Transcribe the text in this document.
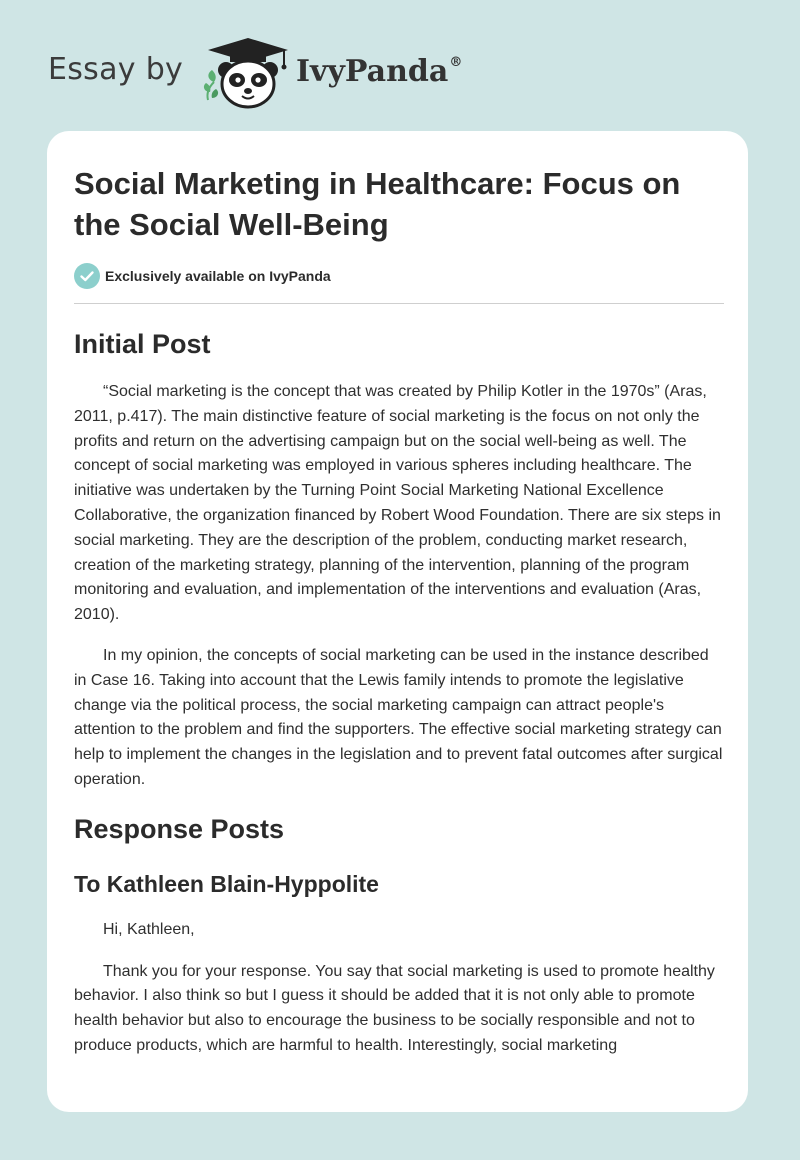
Essay by	IvyPanda®
Social Marketing in Healthcare: Focus on the Social Well-Being
Exclusively available on IvyPanda
Initial Post

“Social marketing is the concept that was created by Philip Kotler in the 1970s” (Aras, 2011, p.417). The main distinctive feature of social marketing is the focus on not only the profits and return on the advertising campaign but on the social well-being as well. The concept of social marketing was employed in various spheres including healthcare. The initiative was undertaken by the Turning Point Social Marketing National Excellence Collaborative, the organization financed by Robert Wood Foundation. There are six steps in social marketing. They are the description of the problem, conducting market research, creation of the marketing strategy, planning of the intervention, planning of the program monitoring and evaluation, and implementation of the interventions and evaluation (Aras, 2010).

In my opinion, the concepts of social marketing can be used in the instance described in Case 16. Taking into account that the Lewis family intends to promote the legislative change via the political process, the social marketing campaign can attract people's attention to the problem and find the supporters. The effective social marketing strategy can help to implement the changes in the legislation and to prevent fatal outcomes after surgical operation.

Response Posts
To Kathleen Blain-Hyppolite

Hi, Kathleen,

Thank you for your response. You say that social marketing is used to promote healthy behavior. I also think so but I guess it should be added that it is not only able to promote health behavior but also to encourage the business to be socially responsible and not to produce products, which are harmful to health. Interestingly, social marketing
